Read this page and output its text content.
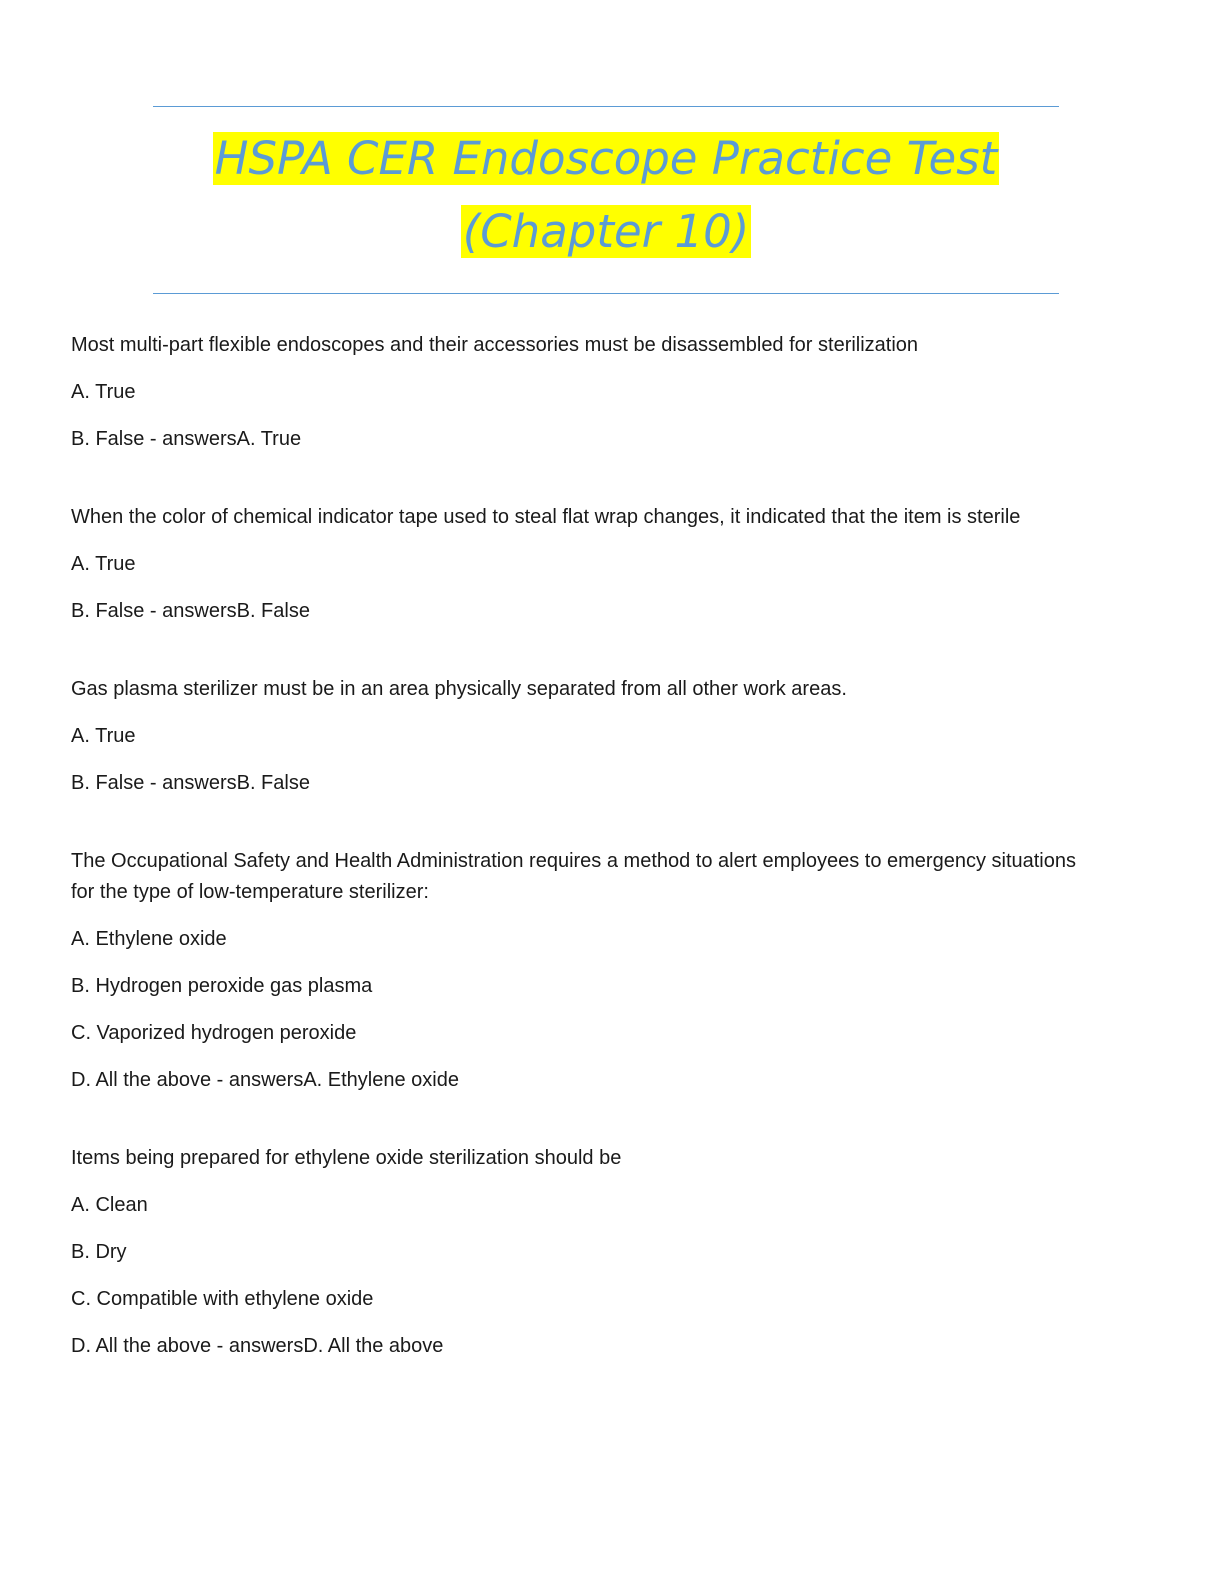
HSPA CER Endoscope Practice Test
(Chapter 10)

Most multi-part flexible endoscopes and their accessories must be disassembled for sterilization

A. True

B. False - answersA. True

When the color of chemical indicator tape used to steal flat wrap changes, it indicated that the item is sterile

A. True

B. False - answersB. False

Gas plasma sterilizer must be in an area physically separated from all other work areas.

A. True

B. False - answersB. False

The Occupational Safety and Health Administration requires a method to alert employees to emergency situations for the type of low-temperature sterilizer:

A. Ethylene oxide

B. Hydrogen peroxide gas plasma

C. Vaporized hydrogen peroxide

D. All the above - answersA. Ethylene oxide

Items being prepared for ethylene oxide sterilization should be

A. Clean

B. Dry

C. Compatible with ethylene oxide

D. All the above - answersD. All the above
